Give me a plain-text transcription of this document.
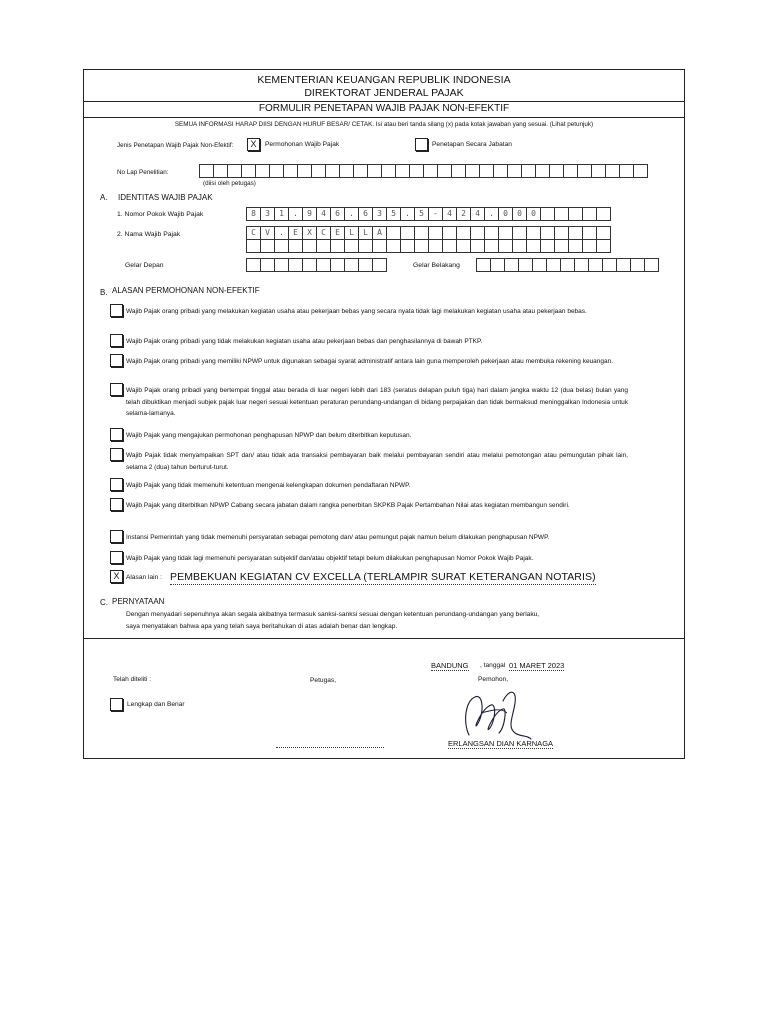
KEMENTERIAN KEUANGAN REPUBLIK INDONESIA
DIREKTORAT JENDERAL PAJAK
FORMULIR PENETAPAN WAJIB PAJAK NON-EFEKTIF
SEMUA INFORMASI HARAP DIISI DENGAN HURUF BESAR/ CETAK. Isi atau beri tanda silang (x) pada kotak jawaban yang sesuai. (Lihat petunjuk)
Jenis Penetapan Wajib Pajak Non-Efektif:	X	Permohonan Wajib Pajak	Penetapan Secara Jabatan
No Lap Penelitian:
(diisi oleh petugas)
A. IDENTITAS WAJIB PAJAK
1. Nomor Pokok Wajib Pajak	8	3	1	.	9	4	6	.	6	3	5	.	5	-	4	2	4	.	0	0	0
2. Nama Wajib Pajak	C	V	.	E	X	C	E	L	L	A
Gelar Depan	Gelar Belakang
B. ALASAN PERMOHONAN NON-EFEKTIF
Wajib Pajak orang pribadi yang melakukan kegiatan usaha atau pekerjaan bebas yang secara nyata tidak lagi melakukan kegiatan usaha atau pekerjaan bebas.
Wajib Pajak orang pribadi yang tidak melakukan kegiatan usaha atau pekerjaan bebas dan penghasilannya di bawah PTKP.
Wajib Pajak orang pribadi yang memiliki NPWP untuk digunakan sebagai syarat administratif antara lain guna memperoleh pekerjaan atau membuka rekening keuangan.
Wajib Pajak orang pribadi yang bertempat tinggal atau berada di luar negeri lebih dari 183 (seratus delapan puluh tiga) hari dalam jangka waktu 12 (dua belas) bulan yang telah dibuktikan menjadi subjek pajak luar negeri sesuai ketentuan peraturan perundang-undangan di bidang perpajakan dan tidak bermaksud meninggalkan Indonesia untuk selama-lamanya.
Wajib Pajak yang mengajukan permohonan penghapusan NPWP dan belum diterbitkan keputusan.
Wajib Pajak tidak menyampaikan SPT dan/ atau tidak ada transaksi pembayaran baik melalui pembayaran sendiri atau melalui pemotongan atau pemungutan pihak lain, selama 2 (dua) tahun berturut-turut.
Wajib Pajak yang tidak memenuhi ketentuan mengenai kelengkapan dokumen pendaftaran NPWP.
Wajib Pajak yang diterbitkan NPWP Cabang secara jabatan dalam rangka penerbitan SKPKB Pajak Pertambahan Nilai atas kegiatan membangun sendiri.
Instansi Pemerintah yang tidak memenuhi persyaratan sebagai pemotong dan/ atau pemungut pajak namun belum dilakukan penghapusan NPWP.
Wajib Pajak yang tidak lagi memenuhi persyaratan subjektif dan/atau objektif tetapi belum dilakukan penghapusan Nomor Pokok Wajib Pajak.
X Alasan lain : PEMBEKUAN KEGIATAN CV EXCELLA (TERLAMPIR SURAT KETERANGAN NOTARIS)
C. PERNYATAAN
Dengan menyadari sepenuhnya akan segala akibatnya termasuk sanksi-sanksi sesuai dengan ketentuan perundang-undangan yang berlaku,
saya menyatakan bahwa apa yang telah saya beritahukan di atas adalah benar dan lengkap.
Telah diteliti :	Petugas,
Lengkap dan Benar
BANDUNG , tanggal 01 MARET 2023
Pemohon,
ERLANGSAN DIAN KARNAGA
